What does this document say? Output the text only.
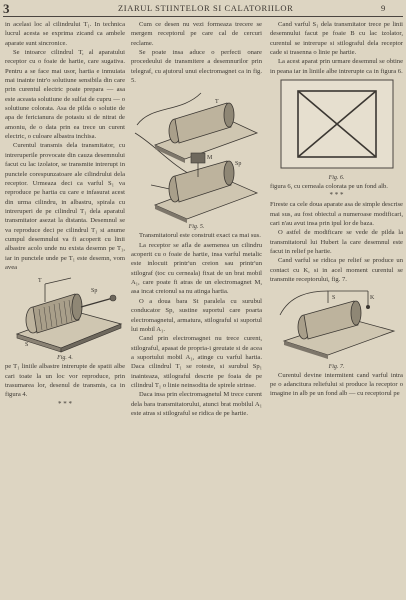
3	ZIARUL STIINTELOR SI CALATORIILOR	9

in acelasi loc al cilindrului T₁. In technica lucrul acesta se exprima zicand ca ambele aparate sunt sincronice.

Se intoarce cilindrul T, al aparatului receptor cu o foaie de hartie, care sugativa. Pentru a se face mai usor, hartia e inmuiata mai inainte intr'o solutiune sensibila din care prin curentul electric poate prepara — asa este aceasta solutiune de sulfat de cupru — o solutiune colorata. Asa de pilda o solutie de apa de fericianura de potasiu si de nitrat de amoniu, de o data prin ea trece un curent electric, o culoare albastra inchisa.

Curentul transmis dela transmitator, cu intreruperile provocate din cauza desemnului facut cu lac izolator, se transmite intrerupt in punctele corespunzatoare ale cilindrului dela receptor. Urmeaza deci ca varful S₁ va reproduce pe hartia cu care e infasurat acest din urma cilindru, in albastru, spirala cu intreruperi de pe cilindrul T₁ dela aparatul transmitator asezat la distanta. Desemnul se va reproduce deci pe cilindrul T₁ si anume cumpul desemnului va fi acoperit cu linii albastre acolo unde nu exista desemn pe T₁, iar in punctele unde pe T₁ este desemn, vom avea

T
Sp
S
Fig. 4.

pe T₁ liniile albastre intrerupte de spatii albe cari toate la un loc vor reproduce, prin trasumarea lor, desenul de transmis, ca in figura 4.

* * *

Cum ce desen nu vezi formeaza trecere se mergem receptorul pe care cal de cercuri reclame.

Se poate insa aduce o perfecti onare procedeului de transmitere a desemnurilor prin telegraf, cu ajutorul unui electromagnet ca in fig. 5.

T
M
Sp
Fig. 5.

Transmitatorul este construit exact ca mai sus.

La receptor se afla de asemenea un cilindru acoperit cu o foaie de hartie, insa varful metalic este inlocuit printr'un creion sau printr'un stilograf (toc cu cerneala) fixat de un brat mobil A₁, care poate fi atras de un electromagnet M, asa incat creionul sa nu atinga hartia.

O a doua bara St paralela cu surubul conducator Sp, sustine suportul care poarta electromagnetul, armatura, stilograful si suportul lui mobil A₁.

Cand prin electromagnet nu trece curent, stilograful, apasat de propria-i greutate si de acea a suportului mobil A₁, atinge cu varful hartia. Daca cilindrul T₁ se roteste, si surubul Sp₁ inainteaza, stilograful descrie pe foaia de pe cilindrul T₁ o linie neinsodita de spirele strinse.

Daca insa prin electromagnetul M trece curent dela bara transmitatorului, atunci brat mobilul A₁ este atras si stilograful se ridica de pe hartie.

Cand varful S₁ dela transmitator trece pe linii desemnului facut pe foaie B cu lac izolator, curentul se intrerupe si stilograful dela receptor cade si trasenna o linie pe hartie.

La acest aparat prin urmare desemnul se obtine in peana iar in liniile albe intrerupte ca in figura 6.

Fig. 6.

figura 6, cu cerneala colorata pe un fond alb.

* * *

Fireste ca cele doua aparate asa de simple descrise mai sus, au fost obiectul a numeroase modificari, cari n'au avut insa prin ipul lor de baza.

O astfel de modificare se vede de pilda la transmitatorul lui Hubert la care desemnul este facut in relief pe hartie.

Cand varful se ridica pe relief se produce un contact cu K, si in acel moment curentul se transmite receptorului, fig. 7.

K
S
Fig. 7.

Curentul devine intermitent cand varful intra pe o adancitura reliefului si produce la receptor o imagine in alb pe un fond alb — cu receptorul pe
